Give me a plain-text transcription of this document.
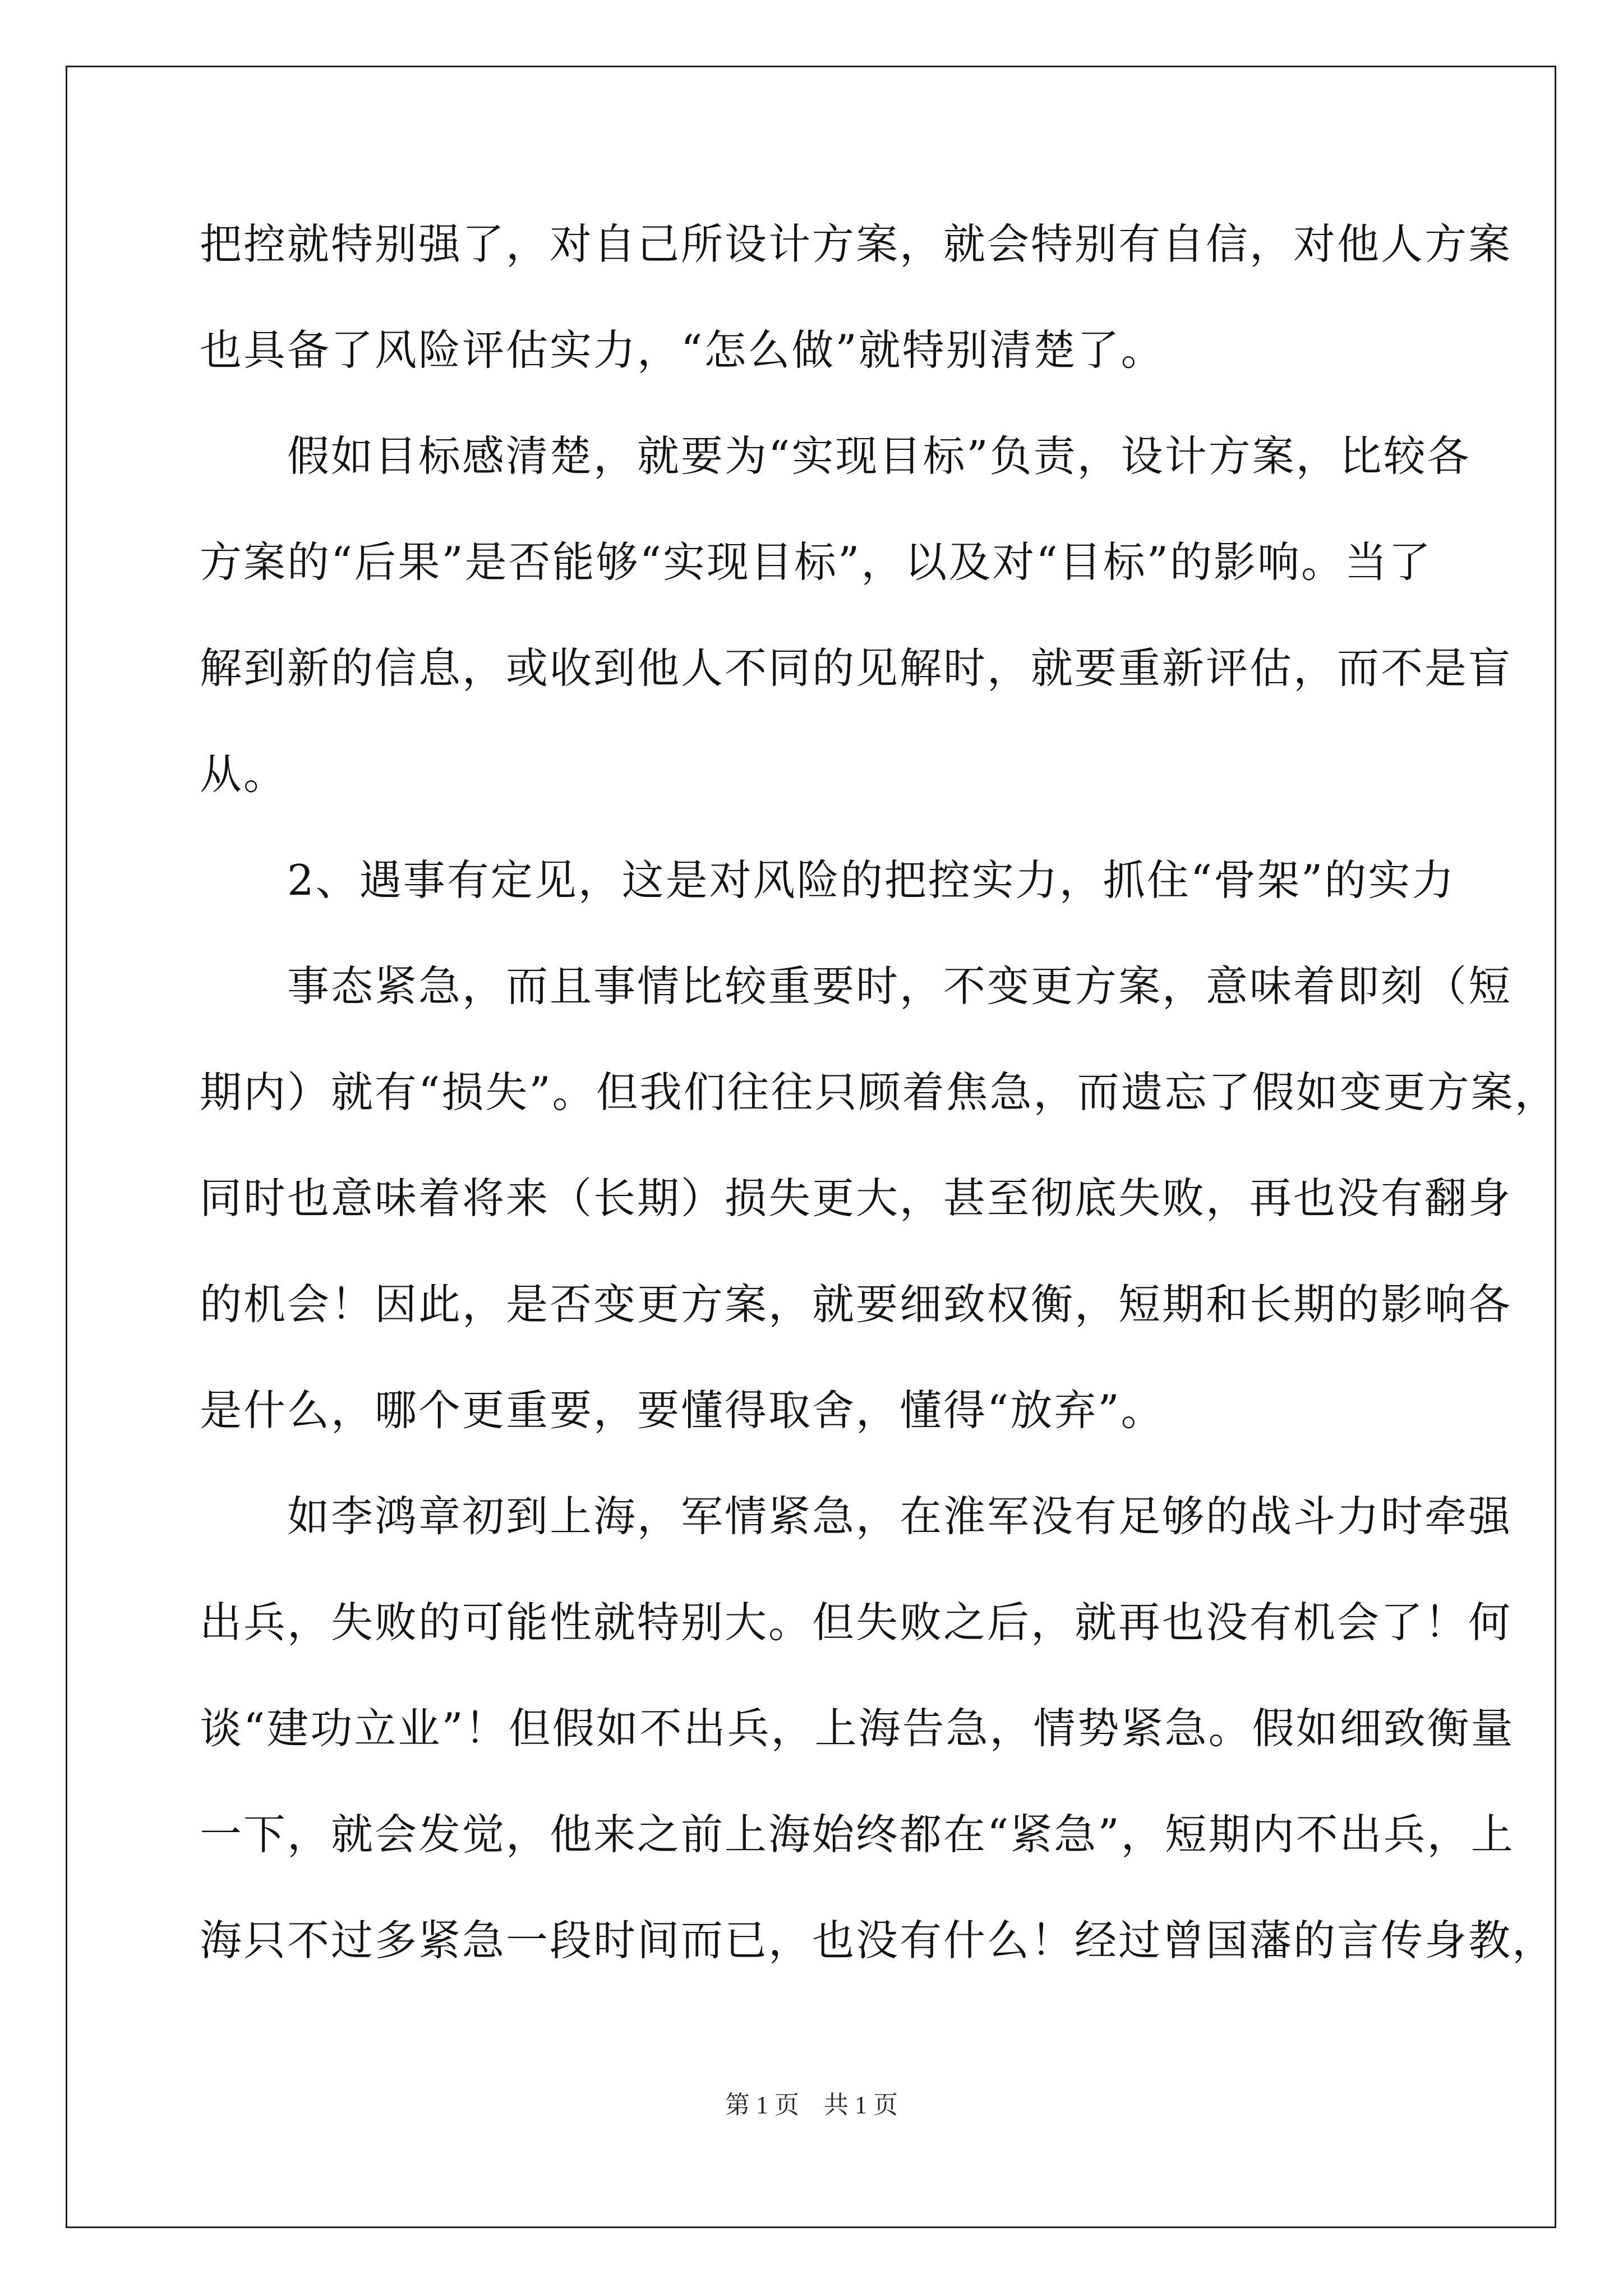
把控就特别强了，对自己所设计方案，就会特别有自信，对他人方案
也具备了风险评估实力，“怎么做”就特别清楚了。
　　假如目标感清楚，就要为“实现目标”负责，设计方案，比较各
方案的“后果”是否能够“实现目标”，以及对“目标”的影响。当了
解到新的信息，或收到他人不同的见解时，就要重新评估，而不是盲
从。
　　2、遇事有定见，这是对风险的把控实力，抓住“骨架”的实力
　　事态紧急，而且事情比较重要时，不变更方案，意味着即刻（短
期内）就有“损失”。但我们往往只顾着焦急，而遗忘了假如变更方案，
同时也意味着将来（长期）损失更大，甚至彻底失败，再也没有翻身
的机会！因此，是否变更方案，就要细致权衡，短期和长期的影响各
是什么，哪个更重要，要懂得取舍，懂得“放弃”。
　　如李鸿章初到上海，军情紧急，在淮军没有足够的战斗力时牵强
出兵，失败的可能性就特别大。但失败之后，就再也没有机会了！何
谈“建功立业”！但假如不出兵，上海告急，情势紧急。假如细致衡量
一下，就会发觉，他来之前上海始终都在“紧急”，短期内不出兵，上
海只不过多紧急一段时间而已，也没有什么！经过曾国藩的言传身教，
第 1 页　共 1 页
